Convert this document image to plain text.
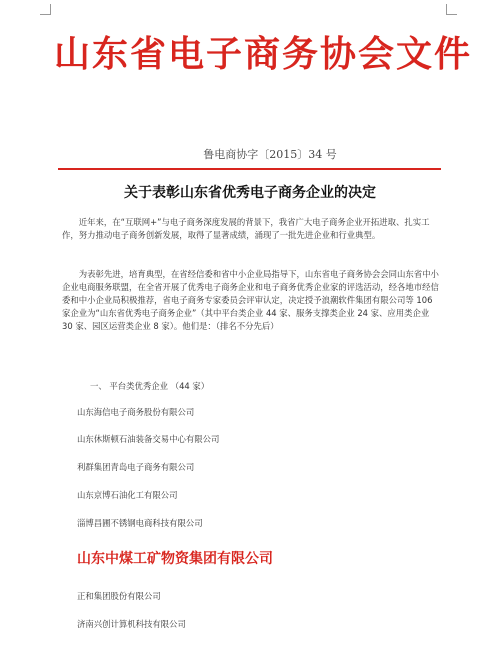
山东省电子商务协会文件
鲁电商协字〔2015〕34 号
关于表彰山东省优秀电子商务企业的决定

近年来，在“互联网+”与电子商务深度发展的背景下，我省广大电子商务企业开拓进取、扎实工作，努力推动电子商务创新发展，取得了显著成绩，涌现了一批先进企业和行业典型。

为表彰先进，培育典型，在省经信委和省中小企业局指导下，山东省电子商务协会会同山东省中小企业电商服务联盟，在全省开展了优秀电子商务企业和电子商务优秀企业家的评选活动，经各地市经信委和中小企业局积极推荐，省电子商务专家委员会评审认定，决定授予浪潮软件集团有限公司等 106 家企业为“山东省优秀电子商务企业”（其中平台类企业 44 家、服务支撑类企业 24 家、应用类企业 30 家、园区运营类企业 8 家）。他们是：（排名不分先后）

一、 平台类优秀企业 （44 家）
山东海信电子商务股份有限公司
山东休斯顿石油装备交易中心有限公司
利群集团青岛电子商务有限公司
山东京博石油化工有限公司
淄博昌圃不锈钢电商科技有限公司
山东中煤工矿物资集团有限公司
正和集团股份有限公司
济南兴创计算机科技有限公司
